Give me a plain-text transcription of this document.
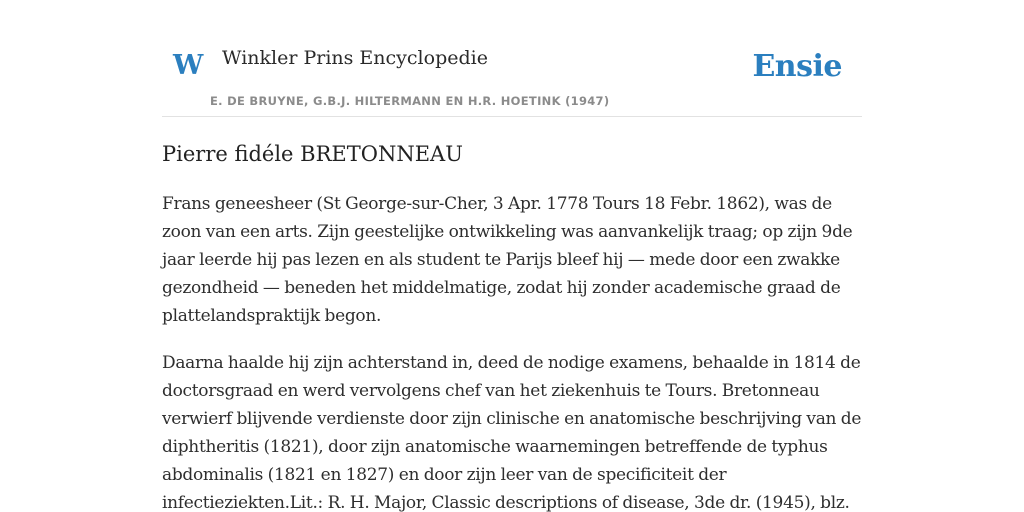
W Winkler Prins Encyclopedie
E. DE BRUYNE, G.B.J. HILTERMANN EN H.R. HOETINK (1947)
Ensie
Pierre fidéle BRETONNEAU

Frans geneesheer (St George-sur-Cher, 3 Apr. 1778 Tours 18 Febr. 1862), was de zoon van een arts. Zijn geestelijke ontwikkeling was aanvankelijk traag; op zijn 9de jaar leerde hij pas lezen en als student te Parijs bleef hij — mede door een zwakke gezondheid — beneden het middelmatige, zodat hij zonder academische graad de plattelandspraktijk begon.

Daarna haalde hij zijn achterstand in, deed de nodige examens, behaalde in 1814 de doctorsgraad en werd vervolgens chef van het ziekenhuis te Tours. Bretonneau verwierf blijvende verdienste door zijn clinische en anatomische beschrijving van de diphtheritis (1821), door zijn anatomische waarnemingen betreffende de typhus abdominalis (1821 en 1827) en door zijn leer van de specificiteit der infectieziekten.Lit.: R. H. Major, Classic descriptions of disease, 3de dr. (1945), blz.
